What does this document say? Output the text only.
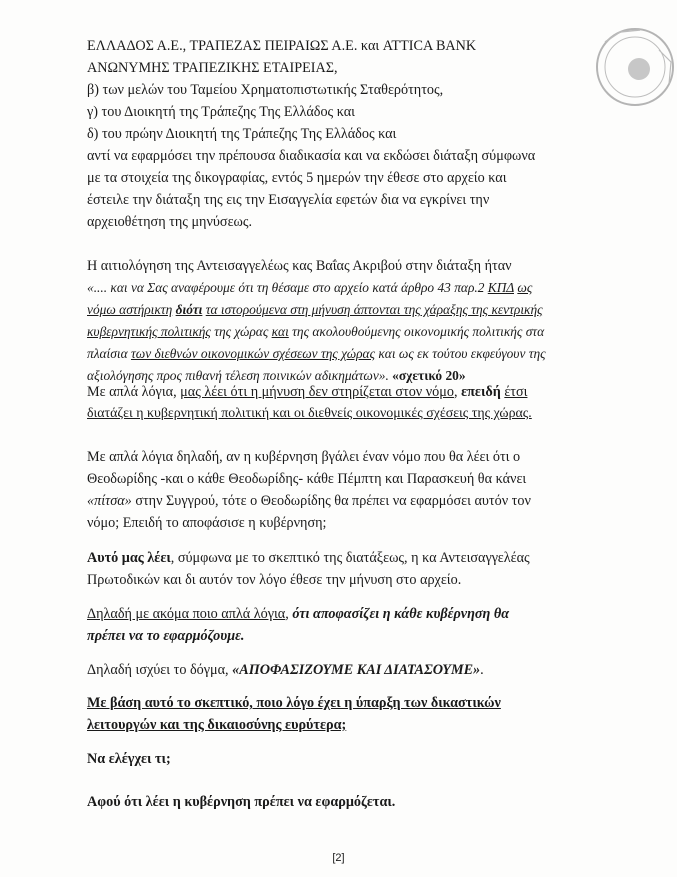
ΕΛΛΑΔΟΣ Α.Ε., ΤΡΑΠΕΖΑΣ ΠΕΙΡΑΙΩΣ Α.Ε. και ATTICA BANK
ΑΝΩΝΥΜΗΣ ΤΡΑΠΕΖΙΚΗΣ ΕΤΑΙΡΕΙΑΣ,
β) των μελών του Ταμείου Χρηματοπιστωτικής Σταθερότητος,
γ) του Διοικητή της Τράπεζης Της Ελλάδος και
δ) του πρώην Διοικητή της Τράπεζης Της Ελλάδος και
αντί να εφαρμόσει την πρέπουσα διαδικασία και να εκδώσει διάταξη σύμφωνα
με τα στοιχεία της δικογραφίας, εντός 5 ημερών την έθεσε στο αρχείο και
έστειλε την διάταξη της εις την Εισαγγελία εφετών δια να εγκρίνει την
αρχειοθέτηση της μηνύσεως.
Η αιτιολόγηση της Αντεισαγγελέως κας Βαΐας Ακριβού στην διάταξη ήταν
«.... και να Σας αναφέρουμε ότι τη θέσαμε στο αρχείο κατά άρθρο 43 παρ.2 ΚΠΔ ως
νόμω αστήρικτη διότι τα ιστορούμενα στη μήνυση άπτονται της χάραξης της κεντρικής
κυβερνητικής πολιτικής της χώρας και της ακολουθούμενης οικονομικής πολιτικής στα
πλαίσια των διεθνών οικονομικών σχέσεων της χώρας και ως εκ τούτου εκφεύγουν της
αξιολόγησης προς πιθανή τέλεση ποινικών αδικημάτων». «σχετικό 20»
Με απλά λόγια, μας λέει ότι η μήνυση δεν στηρίζεται στον νόμο, επειδή έτσι
διατάζει η κυβερνητική πολιτική και οι διεθνείς οικονομικές σχέσεις της χώρας.
Με απλά λόγια δηλαδή, αν η κυβέρνηση βγάλει έναν νόμο που θα λέει ότι ο
Θεοδωρίδης -και ο κάθε Θεοδωρίδης- κάθε Πέμπτη και Παρασκευή θα κάνει
«πίτσα» στην Συγγρού, τότε ο Θεοδωρίδης θα πρέπει να εφαρμόσει αυτόν τον
νόμο; Επειδή το αποφάσισε η κυβέρνηση;
Αυτό μας λέει, σύμφωνα με το σκεπτικό της διατάξεως, η κα Αντεισαγγελέας
Πρωτοδικών και δι αυτόν τον λόγο έθεσε την μήνυση στο αρχείο.
Δηλαδή με ακόμα ποιο απλά λόγια, ότι αποφασίζει η κάθε κυβέρνηση θα
πρέπει να το εφαρμόζουμε.
Δηλαδή ισχύει το δόγμα, «ΑΠΟΦΑΣΙΖΟΥΜΕ ΚΑΙ ΔΙΑΤΑΣΟΥΜΕ».
Με βάση αυτό το σκεπτικό, ποιο λόγο έχει η ύπαρξη των δικαστικών
λειτουργών και της δικαιοσύνης ευρύτερα;
Να ελέγχει τι;
Αφού ότι λέει η κυβέρνηση πρέπει να εφαρμόζεται.
[2]
